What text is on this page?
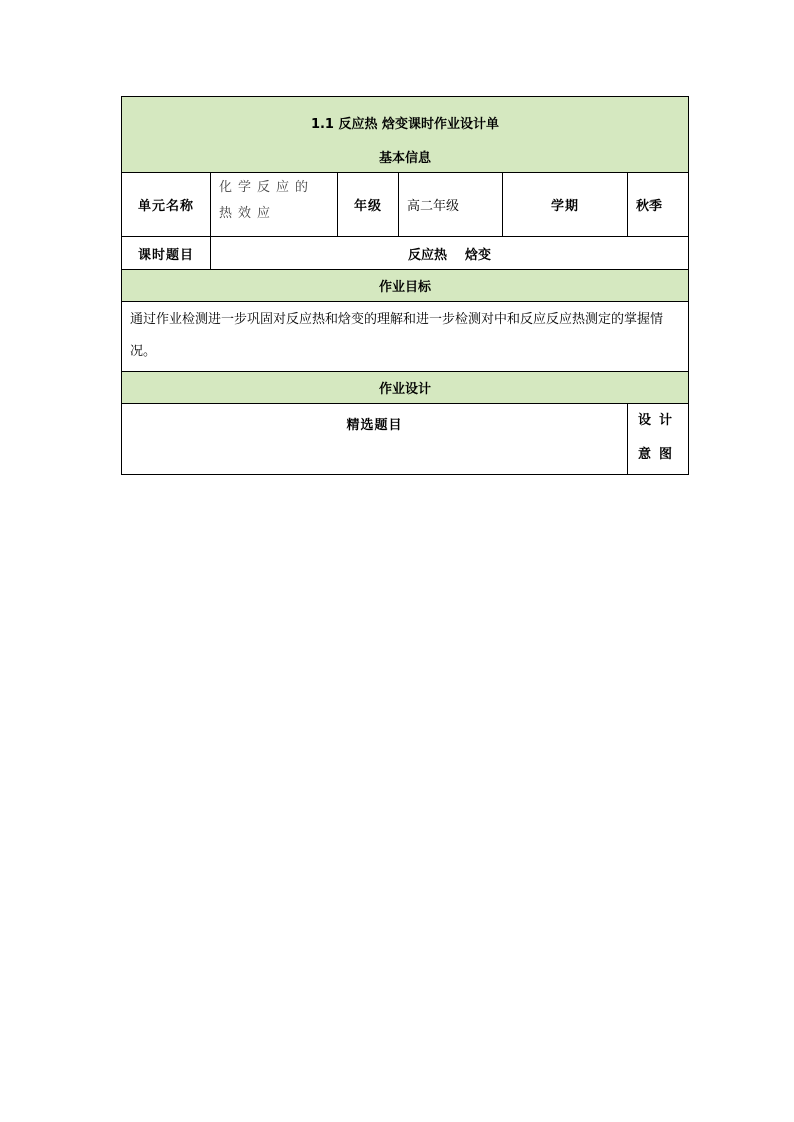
1.1 反应热 焓变课时作业设计单					
基本信息					
单元名称	化学反应的热效应	年级	高二年级	学期	秋季
课时题目	反应热    焓变				
作业目标					
通过作业检测进一步巩固对反应热和焓变的理解和进一步检测对中和反应反应热测定的掌握情况。					
作业设计					
精选题目					设计意图
